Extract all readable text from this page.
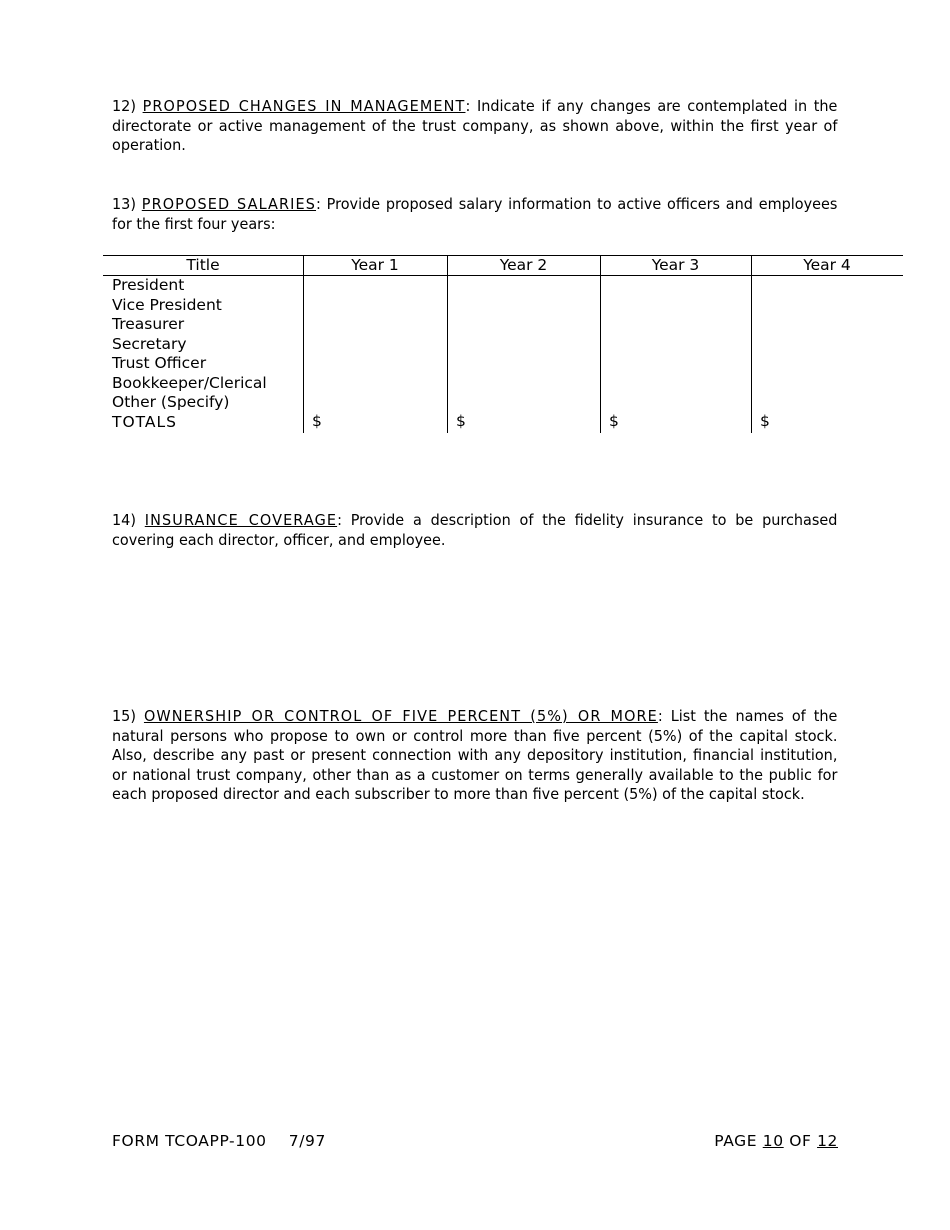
12) PROPOSED CHANGES IN MANAGEMENT: Indicate if any changes are contemplated in the directorate or active management of the trust company, as shown above, within the first year of operation.
13) PROPOSED SALARIES: Provide proposed salary information to active officers and employees for the first four years:
Title	Year 1	Year 2	Year 3	Year 4
President
Vice President
Treasurer
Secretary
Trust Officer
Bookkeeper/Clerical
Other (Specify)
TOTALS	$	$	$	$
14) INSURANCE COVERAGE: Provide a description of the fidelity insurance to be purchased covering each director, officer, and employee.
15) OWNERSHIP OR CONTROL OF FIVE PERCENT (5%) OR MORE: List the names of the natural persons who propose to own or control more than five percent (5%) of the capital stock. Also, describe any past or present connection with any depository institution, financial institution, or national trust company, other than as a customer on terms generally available to the public for each proposed director and each subscriber to more than five percent (5%) of the capital stock.
FORM TCOAPP-100 7/97	PAGE 10 OF 12
